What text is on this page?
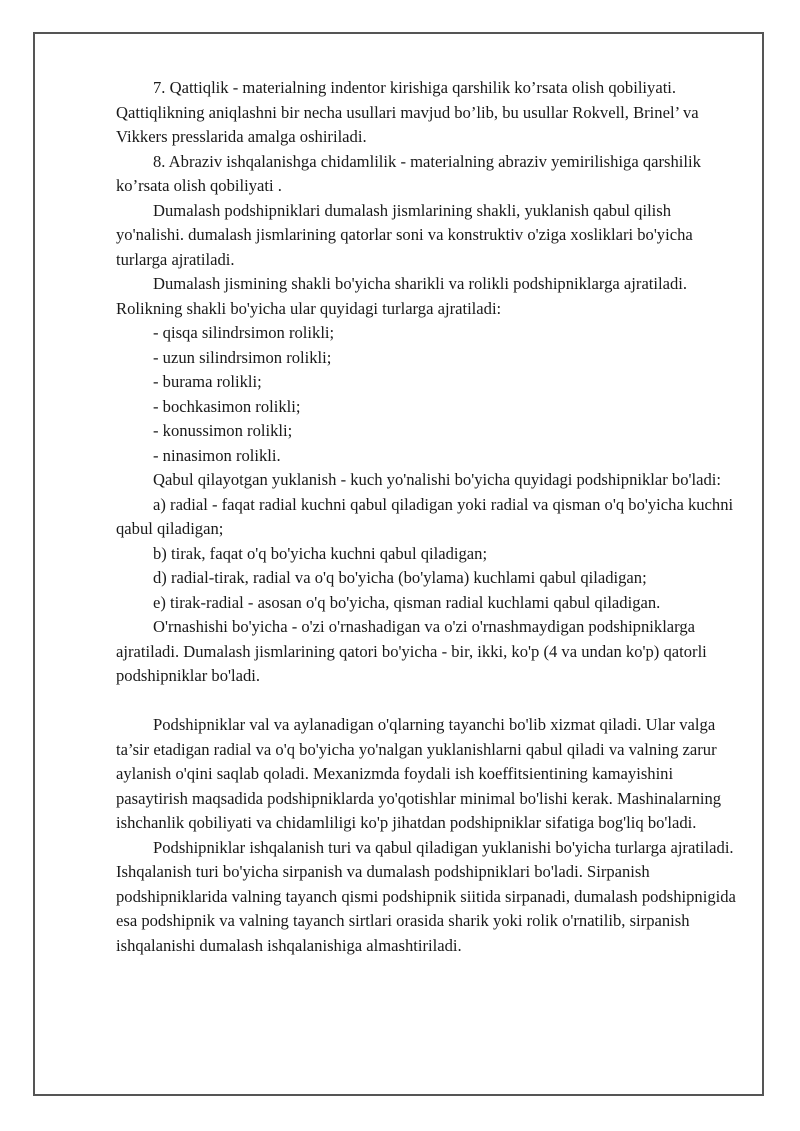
7. Qattiqlik - materialning indentor kirishiga qarshilik ko’rsata olish qobiliyati. Qattiqlikning aniqlashni bir necha usullari mavjud bo’lib, bu usullar Rokvell, Brinel’ va Vikkers presslarida amalga oshiriladi.

8. Abraziv ishqalanishga chidamlilik - materialning abraziv yemirilishiga qarshilik ko’rsata olish qobiliyati .

Dumalash podshipniklari dumalash jismlarining shakli, yuklanish qabul qilish yo'nalishi. dumalash jismlarining qatorlar soni va konstruktiv o'ziga xosliklari bo'yicha turlarga ajratiladi.

Dumalash jismining shakli bo'yicha sharikli va rolikli podshipniklarga ajratiladi. Rolikning shakli bo'yicha ular quyidagi turlarga ajratiladi:

- qisqa silindrsimon rolikli;

- uzun silindrsimon rolikli;

- burama rolikli;

- bochkasimon rolikli;

- konussimon rolikli;

- ninasimon rolikli.

Qabul qilayotgan yuklanish - kuch yo'nalishi bo'yicha quyidagi podshipniklar bo'ladi:

a) radial - faqat radial kuchni qabul qiladigan yoki radial va qisman o'q bo'yicha kuchni qabul qiladigan;

b) tirak, faqat o'q bo'yicha kuchni qabul qiladigan;

d) radial-tirak, radial va o'q bo'yicha (bo'ylama) kuchlami qabul qiladigan;

e) tirak-radial - asosan o'q bo'yicha, qisman radial kuchlami qabul qiladigan.

O'rnashishi bo'yicha - o'zi o'rnashadigan va o'zi o'rnashmaydigan podshipniklarga ajratiladi. Dumalash jismlarining qatori bo'yicha - bir, ikki, ko'p (4 va undan ko'p) qatorli podshipniklar bo'ladi.

Podshipniklar val va aylanadigan o'qlarning tayanchi bo'lib xizmat qiladi. Ular valga ta’sir etadigan radial va o'q bo'yicha yo'nalgan yuklanishlarni qabul qiladi va valning zarur aylanish o'qini saqlab qoladi. Mexanizmda foydali ish koeffitsientining kamayishini pasaytirish maqsadida podshipniklarda yo'qotishlar minimal bo'lishi kerak. Mashinalarning ishchanlik qobiliyati va chidamliligi ko'p jihatdan podshipniklar sifatiga bog'liq bo'ladi.

Podshipniklar ishqalanish turi va qabul qiladigan yuklanishi bo'yicha turlarga ajratiladi. Ishqalanish turi bo'yicha sirpanish va dumalash podshipniklari bo'ladi. Sirpanish podshipniklarida valning tayanch qismi podshipnik siitida sirpanadi, dumalash podshipnigida esa podshipnik va valning tayanch sirtlari orasida sharik yoki rolik o'rnatilib, sirpanish ishqalanishi dumalash ishqalanishiga almashtiriladi.
